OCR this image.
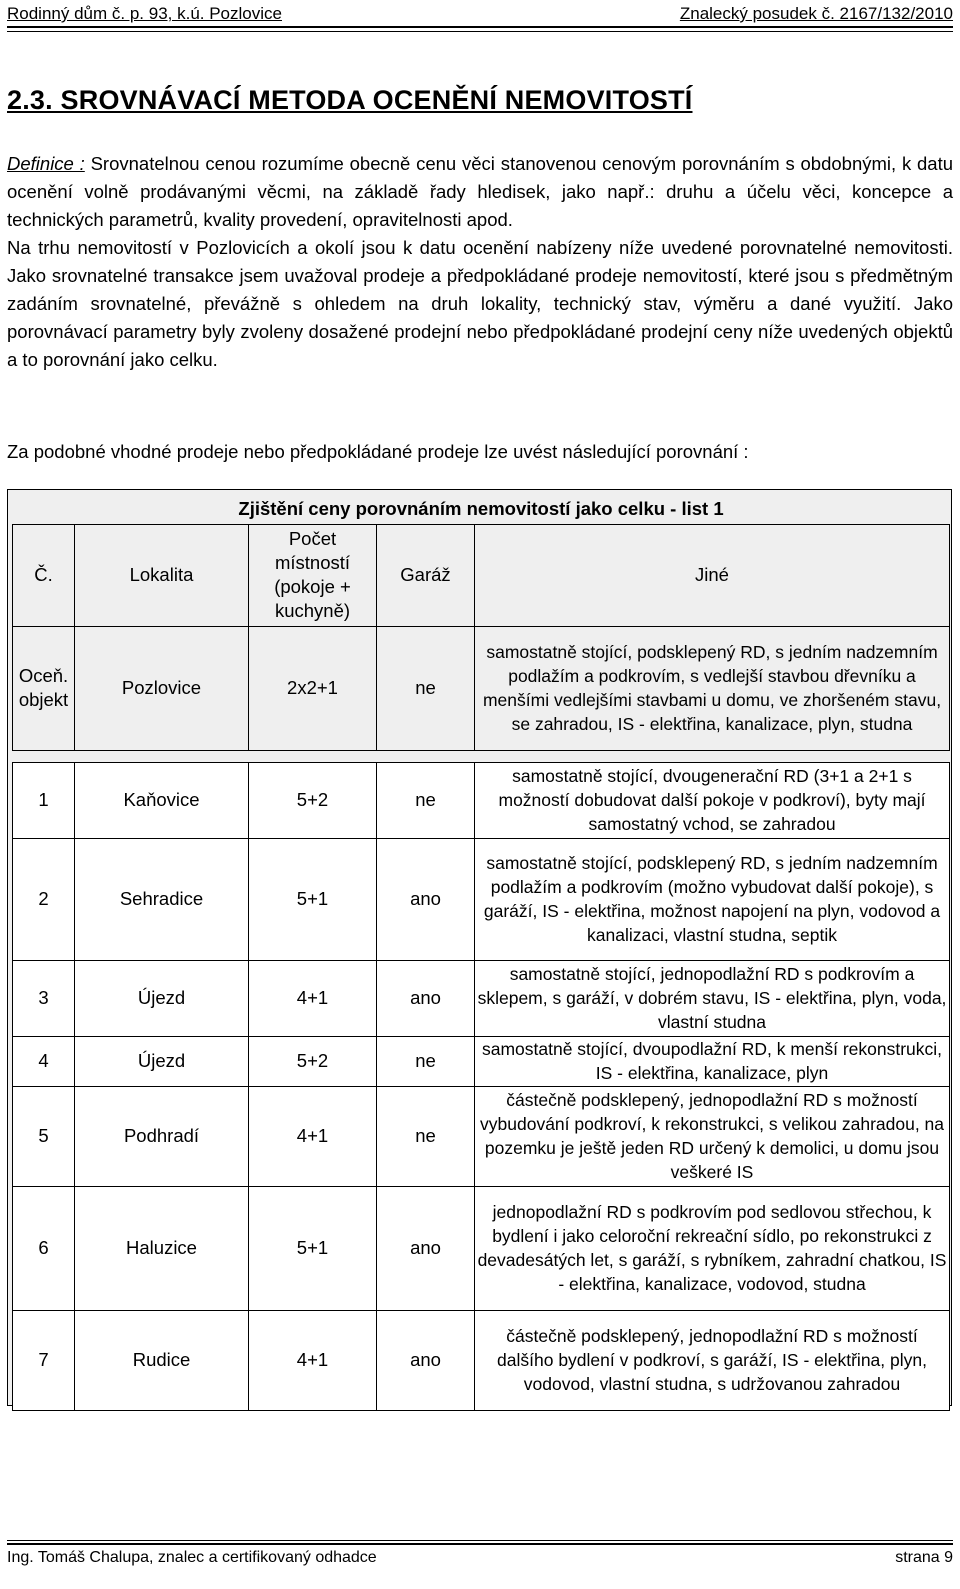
Rodinný dům č. p. 93, k.ú. Pozlovice	Znalecký posudek č. 2167/132/2010
2.3. SROVNÁVACÍ METODA OCENĚNÍ NEMOVITOSTÍ

Definice : Srovnatelnou cenou rozumíme obecně cenu věci stanovenou cenovým porovnáním s obdobnými, k datu ocenění volně prodávanými věcmi, na základě řady hledisek, jako např.: druhu a účelu věci, koncepce a technických parametrů, kvality provedení, opravitelnosti apod.

Na trhu nemovitostí v Pozlovicích a okolí jsou k datu ocenění nabízeny níže uvedené porovnatelné nemovitosti. Jako srovnatelné transakce jsem uvažoval prodeje a předpokládané prodeje nemovitostí, které jsou s předmětným zadáním srovnatelné, převážně s ohledem na druh lokality, technický stav, výměru a dané využití. Jako porovnávací parametry byly zvoleny dosažené prodejní nebo předpokládané prodejní ceny níže uvedených objektů a to porovnání jako celku.

Za podobné vhodné prodeje nebo předpokládané prodeje lze uvést následující porovnání :

Zjištění ceny porovnáním nemovitostí jako celku - list 1				
Č.	Lokalita	Počet místností (pokoje + kuchyně)	Garáž	Jiné
Oceň. objekt	Pozlovice	2x2+1	ne	samostatně stojící, podsklepený RD, s jedním nadzemním podlažím a podkrovím, s vedlejší stavbou dřevníku a menšími vedlejšími stavbami u domu, ve zhoršeném stavu, se zahradou, IS - elektřina, kanalizace, plyn, studna

1	Kaňovice	5+2	ne	samostatně stojící, dvougenerační RD (3+1 a 2+1 s možností dobudovat další pokoje v podkroví), byty mají samostatný vchod, se zahradou
2	Sehradice	5+1	ano	samostatně stojící, podsklepený RD, s jedním nadzemním podlažím a podkrovím (možno vybudovat další pokoje), s garáží, IS - elektřina, možnost napojení na plyn, vodovod a kanalizaci, vlastní studna, septik
3	Újezd	4+1	ano	samostatně stojící, jednopodlažní RD s podkrovím a sklepem, s garáží, v dobrém stavu, IS - elektřina, plyn, voda, vlastní studna
4	Újezd	5+2	ne	samostatně stojící, dvoupodlažní RD, k menší rekonstrukci, IS - elektřina, kanalizace, plyn
5	Podhradí	4+1	ne	částečně podsklepený, jednopodlažní RD s možností vybudování podkroví, k rekonstrukci, s velikou zahradou, na pozemku je ještě jeden RD určený k demolici, u domu jsou veškeré IS
6	Haluzice	5+1	ano	jednopodlažní RD s podkrovím pod sedlovou střechou, k bydlení i jako celoroční rekreační sídlo, po rekonstrukci z devadesátých let, s garáží, s rybníkem, zahradní chatkou, IS - elektřina, kanalizace, vodovod, studna
7	Rudice	4+1	ano	částečně podsklepený, jednopodlažní RD s možností dalšího bydlení v podkroví, s garáží, IS - elektřina, plyn, vodovod, vlastní studna, s udržovanou zahradou
Ing. Tomáš Chalupa, znalec a certifikovaný odhadce	strana 9
